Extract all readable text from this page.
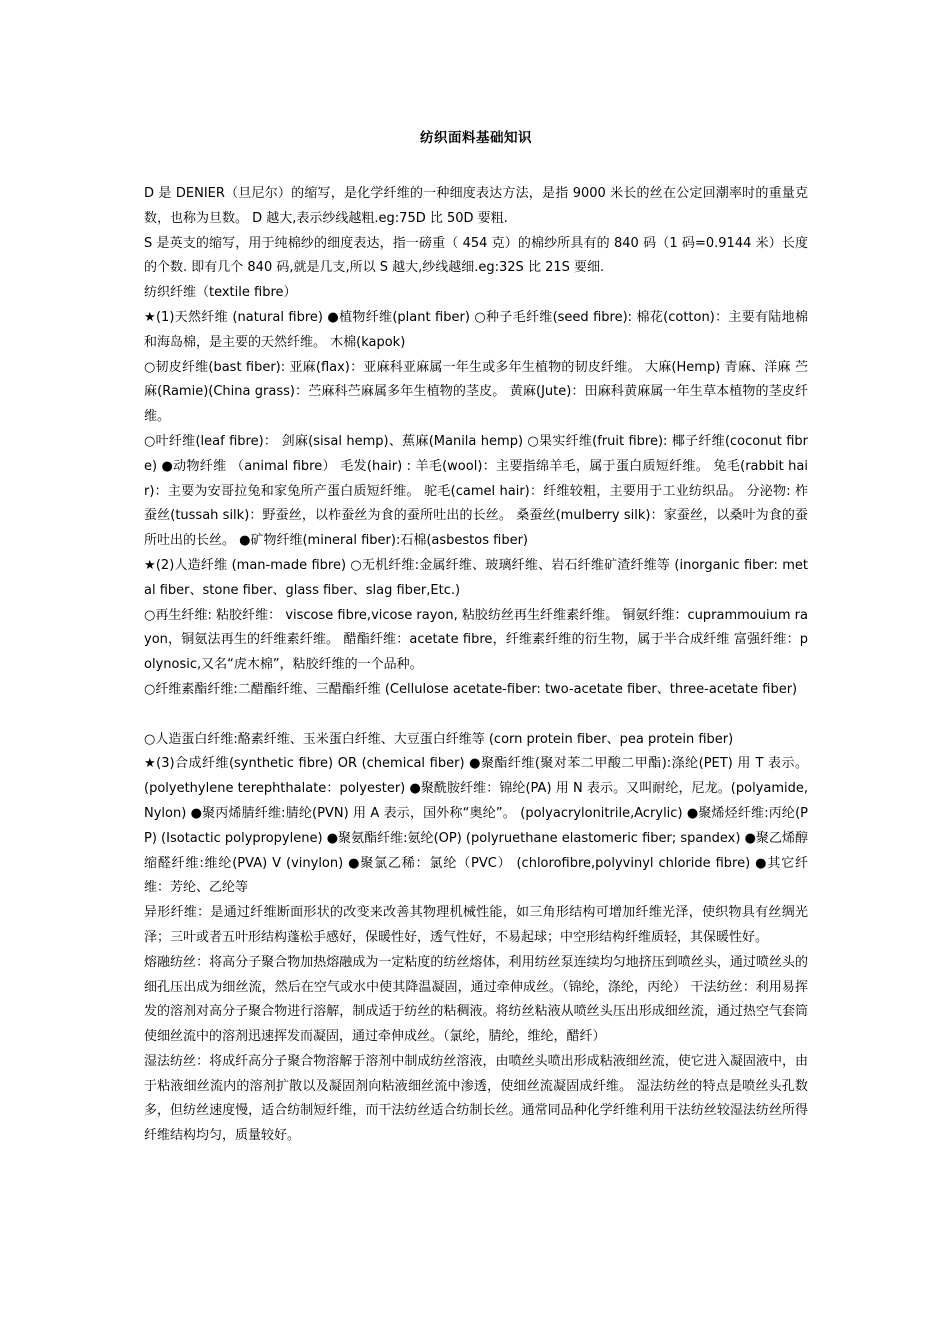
纺织面料基础知识

D 是 DENIER（旦尼尔）的缩写，是化学纤维的一种细度表达方法，是指 9000 米长的丝在公定回潮率时的重量克数，也称为旦数。 D 越大,表示纱线越粗.eg:75D 比 50D 要粗.

S 是英支的缩写，用于纯棉纱的细度表达，指一磅重（ 454 克）的棉纱所具有的 840 码（1 码=0.9144 米）长度的个数. 即有几个 840 码,就是几支,所以 S 越大,纱线越细.eg:32S 比 21S 要细.

纺织纤维（textile fibre）

★(1)天然纤维 (natural fibre) ●植物纤维(plant fiber) ○种子毛纤维(seed fibre): 棉花(cotton)：主要有陆地棉和海岛棉，是主要的天然纤维。 木棉(kapok)

○韧皮纤维(bast fiber): 亚麻(flax)：亚麻科亚麻属一年生或多年生植物的韧皮纤维。 大麻(Hemp) 青麻、洋麻 苎麻(Ramie)(China grass)：苎麻科苎麻属多年生植物的茎皮。 黄麻(Jute)：田麻科黄麻属一年生草本植物的茎皮纤维。

○叶纤维(leaf fibre)： 剑麻(sisal hemp)、蕉麻(Manila hemp) ○果实纤维(fruit fibre): 椰子纤维(coconut fibre) ●动物纤维 （animal fibre） 毛发(hair) : 羊毛(wool)：主要指绵羊毛，属于蛋白质短纤维。 兔毛(rabbit hair)：主要为安哥拉兔和家兔所产蛋白质短纤维。 驼毛(camel hair)：纤维较粗，主要用于工业纺织品。 分泌物: 柞蚕丝(tussah silk)：野蚕丝，以柞蚕丝为食的蚕所吐出的长丝。 桑蚕丝(mulberry silk)：家蚕丝，以桑叶为食的蚕所吐出的长丝。 ●矿物纤维(mineral fiber):石棉(asbestos fiber)

★(2)人造纤维 (man-made fibre) ○无机纤维:金属纤维、玻璃纤维、岩石纤维矿渣纤维等 (inorganic fiber: metal fiber、stone fiber、glass fiber、slag fiber,Etc.)

○再生纤维: 粘胶纤维： viscose fibre,vicose rayon, 粘胶纺丝再生纤维素纤维。 铜氨纤维：cuprammouium rayon，铜氨法再生的纤维素纤维。 醋酯纤维：acetate fibre，纤维素纤维的衍生物，属于半合成纤维 富强纤维：polynosic,又名“虎木棉”，粘胶纤维的一个品种。

○纤维素酯纤维:二醋酯纤维、三醋酯纤维 (Cellulose acetate-fiber: two-acetate fiber、three-acetate fiber)

○人造蛋白纤维:酪素纤维、玉米蛋白纤维、大豆蛋白纤维等 (corn protein fiber、pea protein fiber)

★(3)合成纤维(synthetic fibre) OR (chemical fiber) ●聚酯纤维(聚对苯二甲酸二甲酯):涤纶(PET) 用 T 表示。 (polyethylene terephthalate：polyester) ●聚酰胺纤维：锦纶(PA) 用 N 表示。又叫耐纶，尼龙。(polyamide, Nylon) ●聚丙烯腈纤维:腈纶(PVN) 用 A 表示，国外称“奥纶”。 (polyacrylonitrile,Acrylic) ●聚烯烃纤维:丙纶(PP) (Isotactic polypropylene) ●聚氨酯纤维:氨纶(OP) (polyruethane elastomeric fiber; spandex) ●聚乙烯醇缩醛纤维:维纶(PVA) V (vinylon) ●聚氯乙稀：氯纶（PVC） (chlorofibre,polyvinyl chloride fibre) ●其它纤维：芳纶、乙纶等

异形纤维：是通过纤维断面形状的改变来改善其物理机械性能，如三角形结构可增加纤维光泽，使织物具有丝绸光泽；三叶或者五叶形结构蓬松手感好，保暖性好，透气性好，不易起球；中空形结构纤维质轻，其保暖性好。

熔融纺丝：将高分子聚合物加热熔融成为一定粘度的纺丝熔体，利用纺丝泵连续均匀地挤压到喷丝头，通过喷丝头的细孔压出成为细丝流，然后在空气或水中使其降温凝固，通过牵伸成丝。（锦纶，涤纶，丙纶） 干法纺丝：利用易挥发的溶剂对高分子聚合物进行溶解，制成适于纺丝的粘稠液。将纺丝粘液从喷丝头压出形成细丝流，通过热空气套筒使细丝流中的溶剂迅速挥发而凝固，通过牵伸成丝。（氯纶，腈纶，维纶，醋纤）

湿法纺丝：将成纤高分子聚合物溶解于溶剂中制成纺丝溶液，由喷丝头喷出形成粘液细丝流，使它进入凝固液中，由于粘液细丝流内的溶剂扩散以及凝固剂向粘液细丝流中渗透，使细丝流凝固成纤维。 湿法纺丝的特点是喷丝头孔数多，但纺丝速度慢，适合纺制短纤维，而干法纺丝适合纺制长丝。通常同品种化学纤维利用干法纺丝较湿法纺丝所得纤维结构均匀，质量较好。
